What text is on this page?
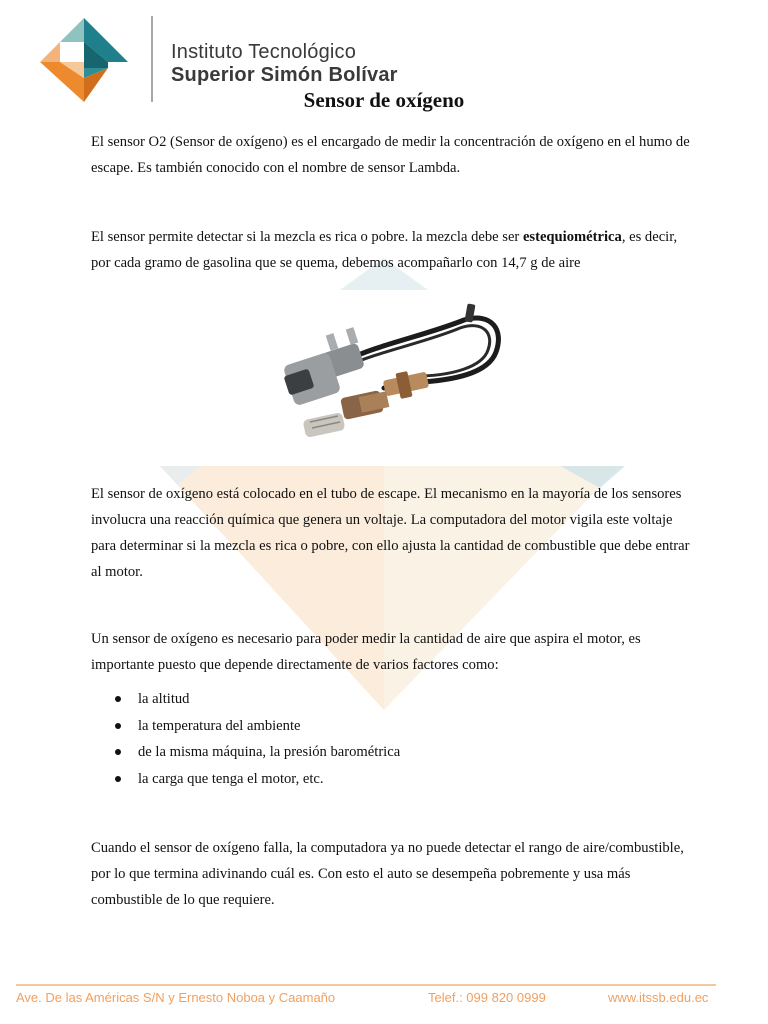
Instituto Tecnológico
Superior Simón Bolívar
Sensor de oxígeno

El sensor O2 (Sensor de oxígeno) es el encargado de medir la concentración de oxígeno en el humo de escape. Es también conocido con el nombre de sensor Lambda.

El sensor permite detectar si la mezcla es rica o pobre. la mezcla debe ser estequiométrica, es decir, por cada gramo de gasolina que se quema, debemos acompañarlo con 14,7 g de aire

El sensor de oxígeno está colocado en el tubo de escape. El mecanismo en la mayoría de los sensores involucra una reacción química que genera un voltaje. La computadora del motor vigila este voltaje para determinar si la mezcla es rica o pobre, con ello ajusta la cantidad de combustible que debe entrar al motor.

Un sensor de oxígeno es necesario para poder medir la cantidad de aire que aspira el motor, es importante puesto que depende directamente de varios factores como:

la altitud
la temperatura del ambiente
de la misma máquina, la presión barométrica
la carga que tenga el motor, etc.

Cuando el sensor de oxígeno falla, la computadora ya no puede detectar el rango de aire/combustible, por lo que termina adivinando cuál es. Con esto el auto se desempeña pobremente y usa más combustible de lo que requiere.

Ave. De las Américas S/N y Ernesto Noboa y Caamaño	Telef.: 099 820 0999	www.itssb.edu.ec
